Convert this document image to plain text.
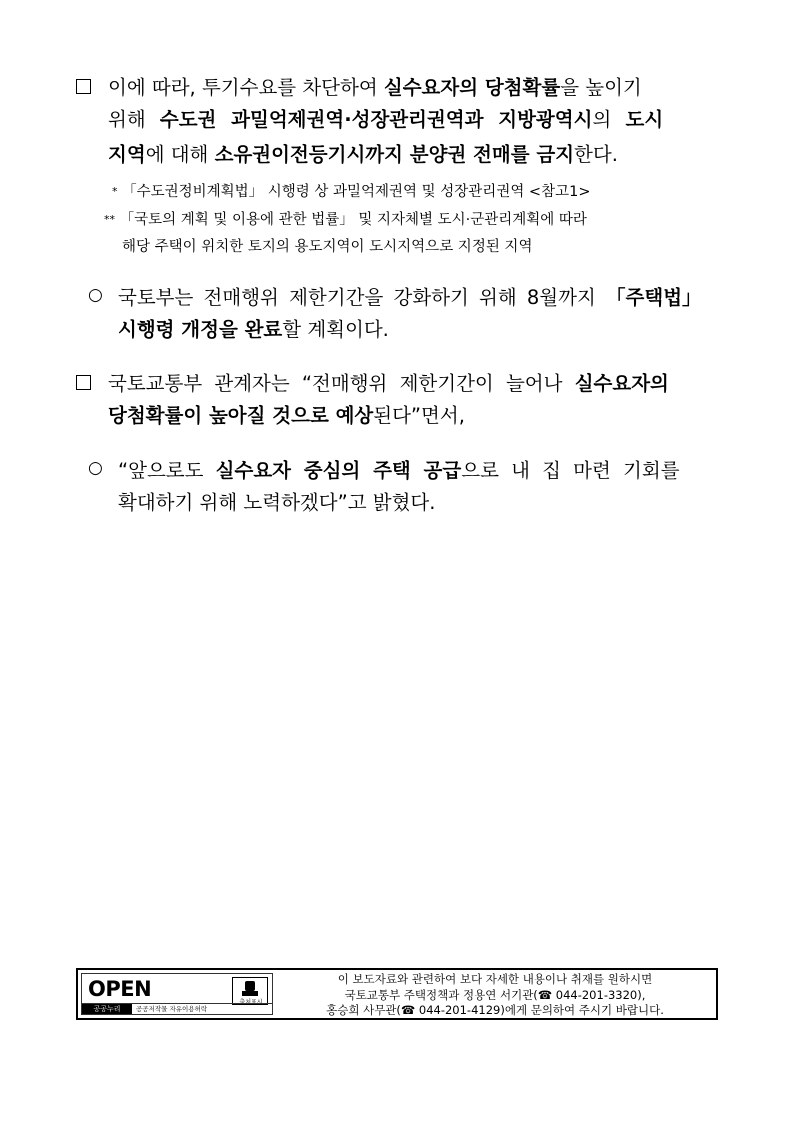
이에 따라, 투기수요를 차단하여 실수요자의 당첨확률을 높이기
위해 수도권 과밀억제권역·성장관리권역과 지방광역시의 도시
지역에 대해 소유권이전등기시까지 분양권 전매를 금지한다.
* 「수도권정비계획법」 시행령 상 과밀억제권역 및 성장관리권역 <참고1>
** 「국토의 계획 및 이용에 관한 법률」 및 지자체별 도시·군관리계획에 따라
해당 주택이 위치한 토지의 용도지역이 도시지역으로 지정된 지역
○ 국토부는 전매행위 제한기간을 강화하기 위해 8월까지 「주택법」
시행령 개정을 완료할 계획이다.
국토교통부 관계자는 “전매행위 제한기간이 늘어나 실수요자의
당첨확률이 높아질 것으로 예상된다”면서,
○ “앞으로도 실수요자 중심의 주택 공급으로 내 집 마련 기회를
확대하기 위해 노력하겠다”고 밝혔다.
OPEN
출처표시
공공누리	공공저작물 자유이용허락
이 보도자료와 관련하여 보다 자세한 내용이나 취재를 원하시면
국토교통부 주택정책과 정용연 서기관(☎ 044-201-3320),
홍승희 사무관(☎ 044-201-4129)에게 문의하여 주시기 바랍니다.
